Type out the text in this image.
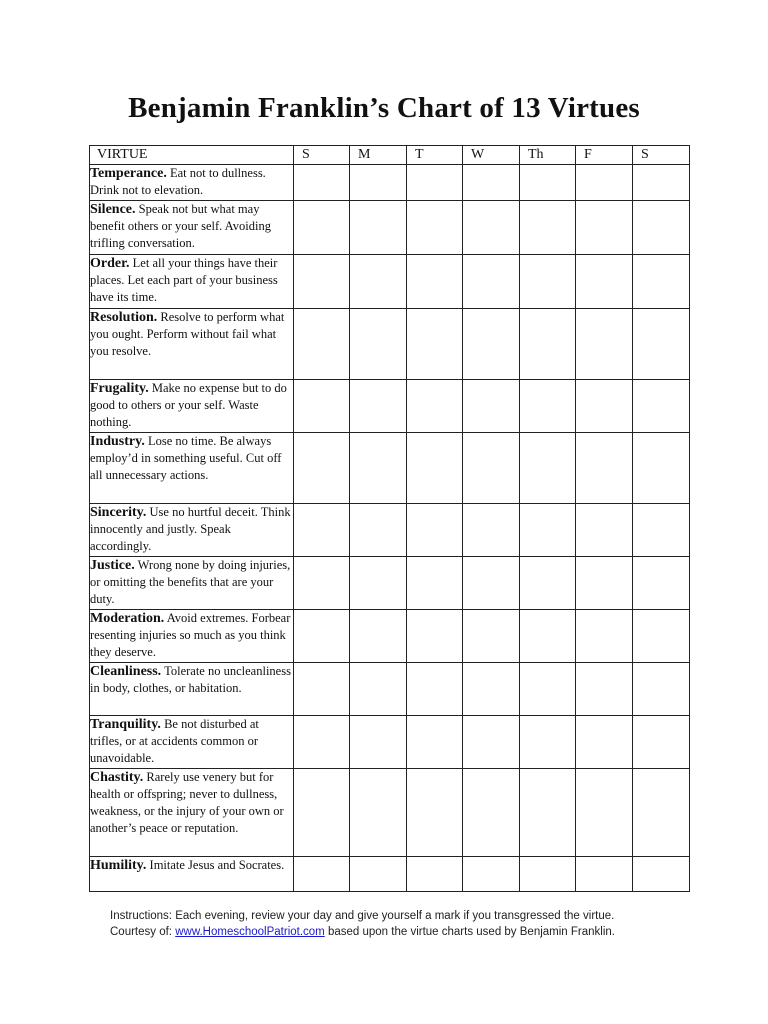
Benjamin Franklin’s Chart of 13 Virtues
VIRTUE	S	M	T	W	Th	F	S
Temperance. Eat not to dullness. Drink not to elevation.							
Silence. Speak not but what may benefit others or your self. Avoiding trifling conversation.							
Order. Let all your things have their places. Let each part of your business have its time.							
Resolution. Resolve to perform what you ought. Perform without fail what you resolve.							
Frugality. Make no expense but to do good to others or your self. Waste nothing.							
Industry. Lose no time. Be always employ’d in something useful. Cut off all unnecessary actions.							
Sincerity. Use no hurtful deceit. Think innocently and justly. Speak accordingly.							
Justice. Wrong none by doing injuries, or omitting the benefits that are your duty.							
Moderation. Avoid extremes. Forbear resenting injuries so much as you think they deserve.							
Cleanliness. Tolerate no uncleanliness in body, clothes, or habitation.							
Tranquility. Be not disturbed at trifles, or at accidents common or unavoidable.							
Chastity. Rarely use venery but for health or offspring; never to dullness, weakness, or the injury of your own or another’s peace or reputation.							
Humility. Imitate Jesus and Socrates.							
Instructions: Each evening, review your day and give yourself a mark if you transgressed the virtue.
Courtesy of: www.HomeschoolPatriot.com based upon the virtue charts used by Benjamin Franklin.
